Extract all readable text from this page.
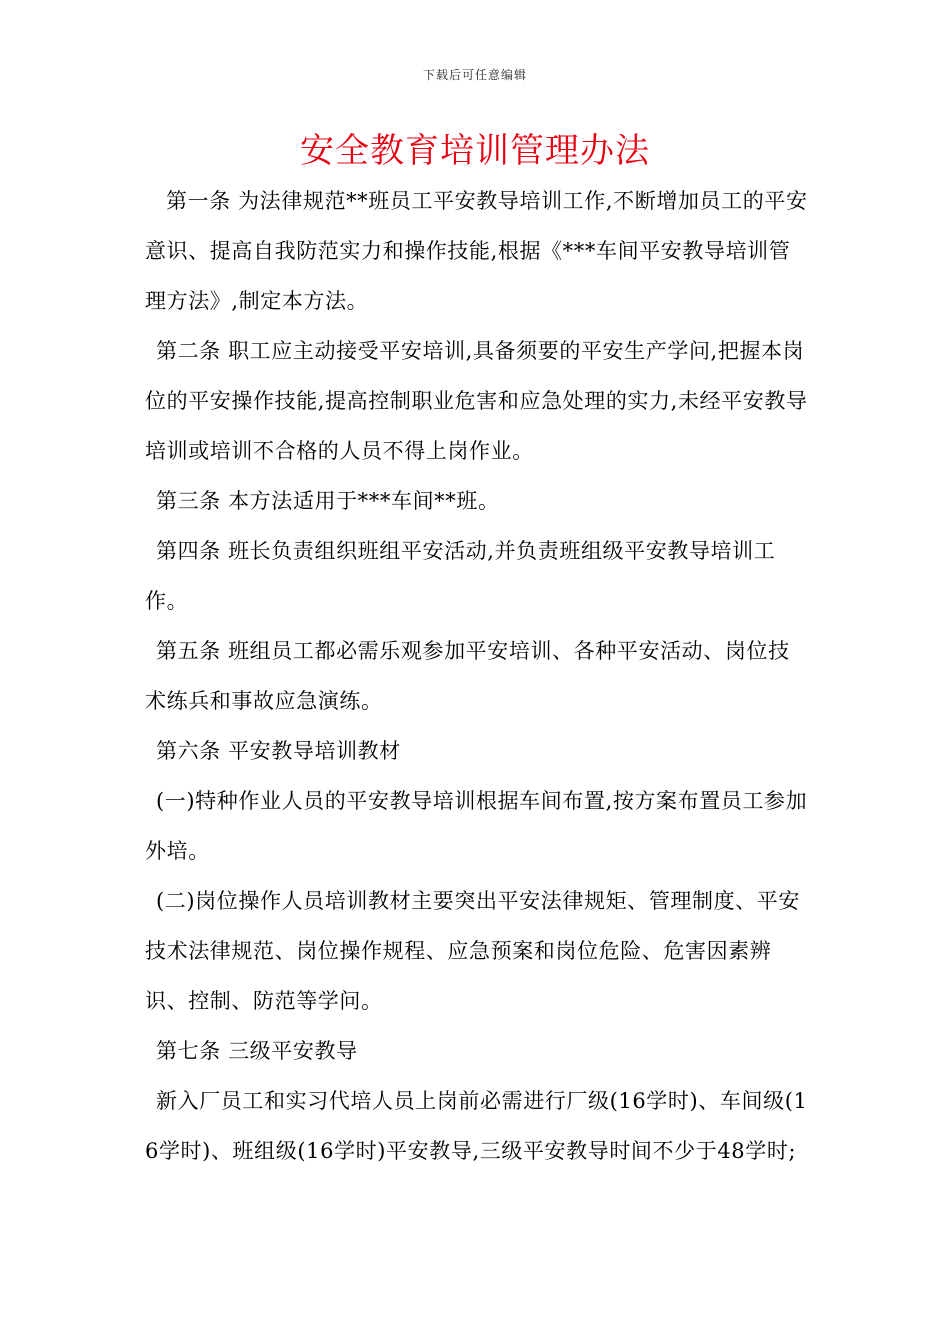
下载后可任意编辑
安全教育培训管理办法

第一条 为法律规范**班员工平安教导培训工作,不断增加员工的平安意识、提高自我防范实力和操作技能,根据《***车间平安教导培训管理方法》,制定本方法。

第二条 职工应主动接受平安培训,具备须要的平安生产学问,把握本岗位的平安操作技能,提高控制职业危害和应急处理的实力,未经平安教导培训或培训不合格的人员不得上岗作业。

第三条 本方法适用于***车间**班。

第四条 班长负责组织班组平安活动,并负责班组级平安教导培训工作。

第五条 班组员工都必需乐观参加平安培训、各种平安活动、岗位技术练兵和事故应急演练。

第六条 平安教导培训教材

(一)特种作业人员的平安教导培训根据车间布置,按方案布置员工参加外培。

(二)岗位操作人员培训教材主要突出平安法律规矩、管理制度、平安技术法律规范、岗位操作规程、应急预案和岗位危险、危害因素辨识、控制、防范等学问。

第七条 三级平安教导

新入厂员工和实习代培人员上岗前必需进行厂级(16学时)、车间级(16学时)、班组级(16学时)平安教导,三级平安教导时间不少于48学时;
